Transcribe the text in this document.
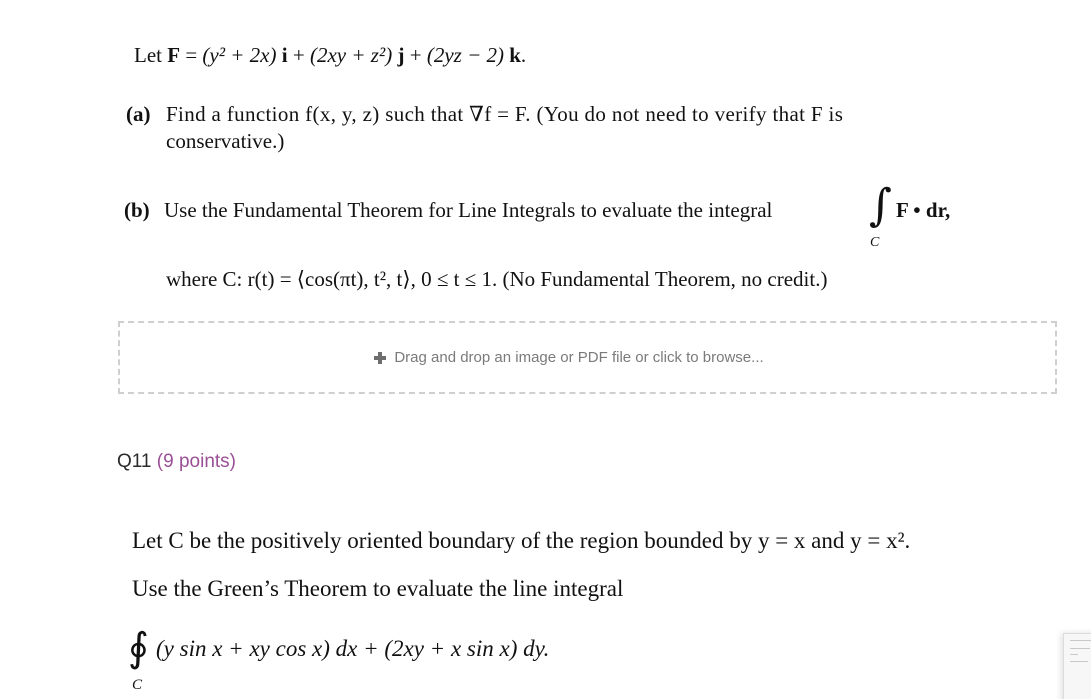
Let F = (y² + 2x) i + (2xy + z²) j + (2yz − 2) k.
(a) Find a function f(x, y, z) such that ∇f = F. (You do not need to verify that F is
conservative.)
(b) Use the Fundamental Theorem for Line Integrals to evaluate the integral ∫ F • dr,
C
where C: r(t) = ⟨cos(πt), t², t⟩, 0 ≤ t ≤ 1. (No Fundamental Theorem, no credit.)
Drag and drop an image or PDF file or click to browse...
Q11 (9 points)
Let C be the positively oriented boundary of the region bounded by y = x and y = x².
Use the Green’s Theorem to evaluate the line integral
∮ (y sin x + xy cos x) dx + (2xy + x sin x) dy.
C
